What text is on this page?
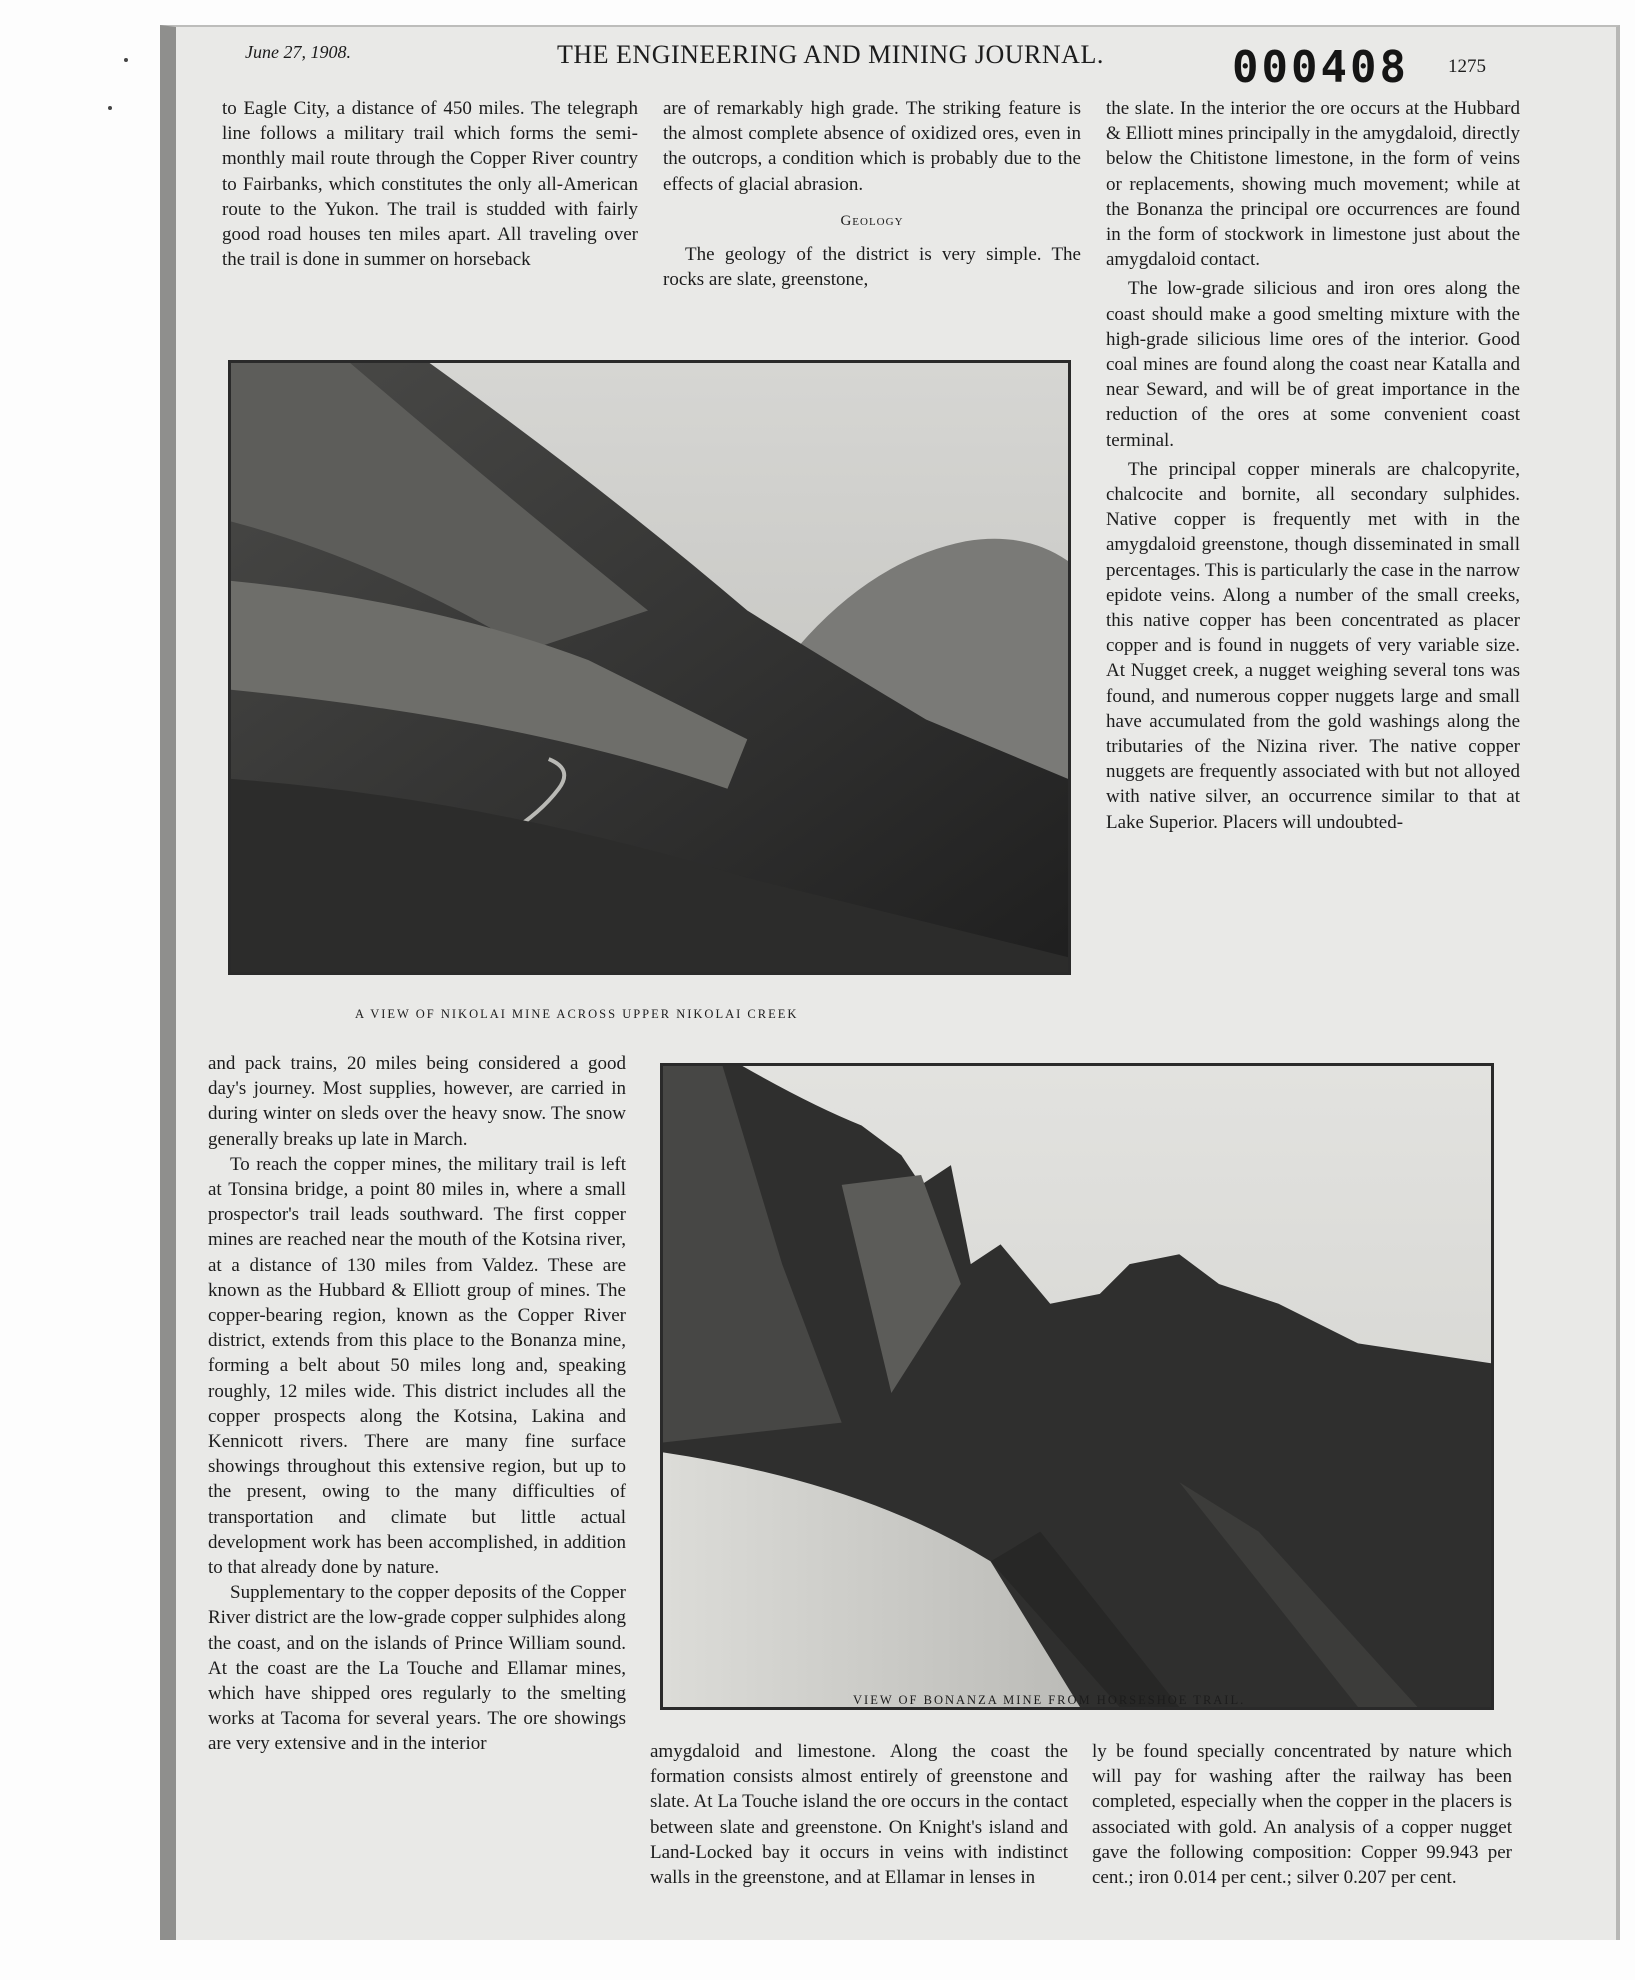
June 27, 1908.	THE ENGINEERING AND MINING JOURNAL.	000408 1275

to Eagle City, a distance of 450 miles. The telegraph line follows a military trail which forms the semi-monthly mail route through the Copper River country to Fairbanks, which constitutes the only all-American route to the Yukon. The trail is studded with fairly good road houses ten miles apart. All traveling over the trail is done in summer on horseback

are of remarkably high grade. The striking feature is the almost complete absence of oxidized ores, even in the outcrops, a condition which is probably due to the effects of glacial abrasion.

Geology

The geology of the district is very simple. The rocks are slate, greenstone,

the slate. In the interior the ore occurs at the Hubbard & Elliott mines principally in the amygdaloid, directly below the Chitistone limestone, in the form of veins or replacements, showing much movement; while at the Bonanza the principal ore occurrences are found in the form of stockwork in limestone just about the amygdaloid contact.

The low-grade silicious and iron ores along the coast should make a good smelting mixture with the high-grade silicious lime ores of the interior. Good coal mines are found along the coast near Katalla and near Seward, and will be of great importance in the reduction of the ores at some convenient coast terminal.

The principal copper minerals are chalcopyrite, chalcocite and bornite, all secondary sulphides. Native copper is frequently met with in the amygdaloid greenstone, though disseminated in small percentages. This is particularly the case in the narrow epidote veins. Along a number of the small creeks, this native copper has been concentrated as placer copper and is found in nuggets of very variable size. At Nugget creek, a nugget weighing several tons was found, and numerous copper nuggets large and small have accumulated from the gold washings along the tributaries of the Nizina river. The native copper nuggets are frequently associated with but not alloyed with native silver, an occurrence similar to that at Lake Superior. Placers will undoubted-

A VIEW OF NIKOLAI MINE ACROSS UPPER NIKOLAI CREEK

and pack trains, 20 miles being considered a good day's journey. Most supplies, however, are carried in during winter on sleds over the heavy snow. The snow generally breaks up late in March.

To reach the copper mines, the military trail is left at Tonsina bridge, a point 80 miles in, where a small prospector's trail leads southward. The first copper mines are reached near the mouth of the Kotsina river, at a distance of 130 miles from Valdez. These are known as the Hubbard & Elliott group of mines. The copper-bearing region, known as the Copper River district, extends from this place to the Bonanza mine, forming a belt about 50 miles long and, speaking roughly, 12 miles wide. This district includes all the copper prospects along the Kotsina, Lakina and Kennicott rivers. There are many fine surface showings throughout this extensive region, but up to the present, owing to the many difficulties of transportation and climate but little actual development work has been accomplished, in addition to that already done by nature.

Supplementary to the copper deposits of the Copper River district are the low-grade copper sulphides along the coast, and on the islands of Prince William sound. At the coast are the La Touche and Ellamar mines, which have shipped ores regularly to the smelting works at Tacoma for several years. The ore showings are very extensive and in the interior

VIEW OF BONANZA MINE FROM HORSESHOE TRAIL.

amygdaloid and limestone. Along the coast the formation consists almost entirely of greenstone and slate. At La Touche island the ore occurs in the contact between slate and greenstone. On Knight's island and Land-Locked bay it occurs in veins with indistinct walls in the greenstone, and at Ellamar in lenses in

ly be found specially concentrated by nature which will pay for washing after the railway has been completed, especially when the copper in the placers is associated with gold. An analysis of a copper nugget gave the following composition: Copper 99.943 per cent.; iron 0.014 per cent.; silver 0.207 per cent.
